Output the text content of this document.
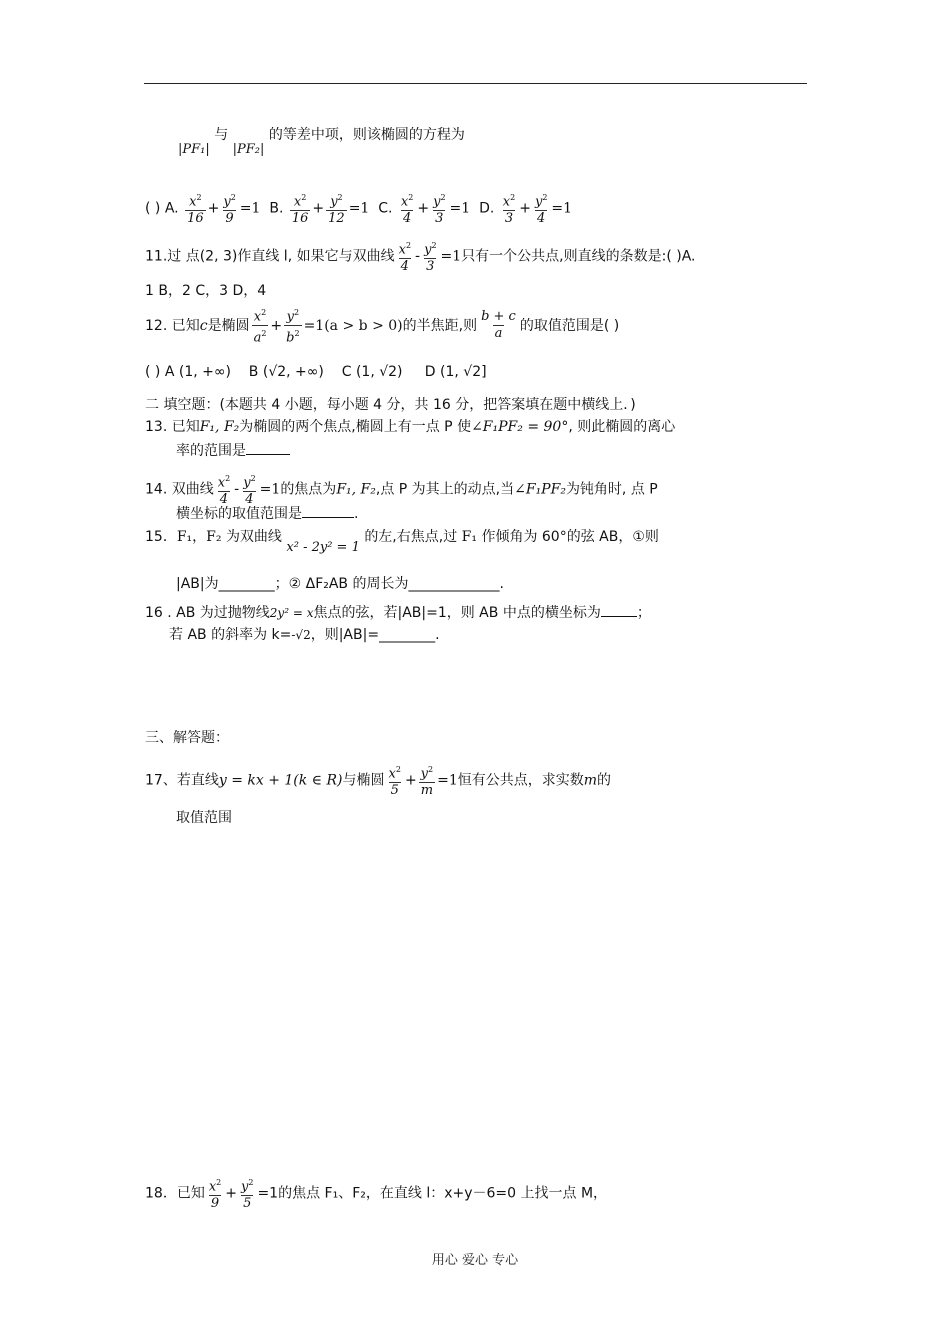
|PF₁| 与 |PF₂| 的等差中项，则该椭圆的方程为
( ) A. $\frac{x^2}{16} + \frac{y^2}{9} =1$ B. $\frac{x^2}{16} + \frac{y^2}{12} =1$ C. $\frac{x^2}{4} + \frac{y^2}{3} =1$ D. $\frac{x^2}{3} + \frac{y^2}{4} =1$
11.过 点(2, 3)作直线 l, 如果它与双曲线 $\frac{x^2}{4} - \frac{y^2}{3} =1$只有一个公共点,则直线的条数是:( )A.
1 B，2 C，3 D，4
12. 已知c是椭圆 $\frac{x^2}{a^2} + \frac{y^2}{b^2} =1(a > b > 0)$的半焦距,则 $\frac{b + c}{a}$ 的取值范围是( )
( ) A (1, +∞) B (√2, +∞) C (1, √2) D (1, √2]
二 填空题：(本题共 4 小题，每小题 4 分，共 16 分，把答案填在题中横线上．)
13. 已知F₁, F₂为椭圆的两个焦点,椭圆上有一点 P 使∠F₁PF₂ = 90°, 则此椭圆的离心
率的范围是
14. 双曲线 $\frac{x^2}{4} - \frac{y^2}{4} =1$的焦点为F₁, F₂,点 P 为其上的动点,当∠F₁PF₂为钝角时, 点 P
横坐标的取值范围是	.
15．F₁，F₂ 为双曲线 x² - 2y² = 1 的左,右焦点,过 F₁ 作倾角为 60°的弦 AB，①则
|AB|为________；② ΔF₂AB 的周长为_____________.
16 . AB 为过抛物线2y² = x焦点的弦，若|AB|=1，则 AB 中点的横坐标为	；
若 AB 的斜率为 k=-√2，则|AB|=________.
三、解答题：
17、若直线y = kx + 1(k ∈ R)与椭圆 $\frac{x^2}{5} + \frac{y^2}{m} =1$恒有公共点，求实数m的
取值范围
18．已知 $\frac{x^2}{9} + \frac{y^2}{5} =1$的焦点 F₁、F₂，在直线 l：x+y－6=0 上找一点 M，
用心 爱心 专心
